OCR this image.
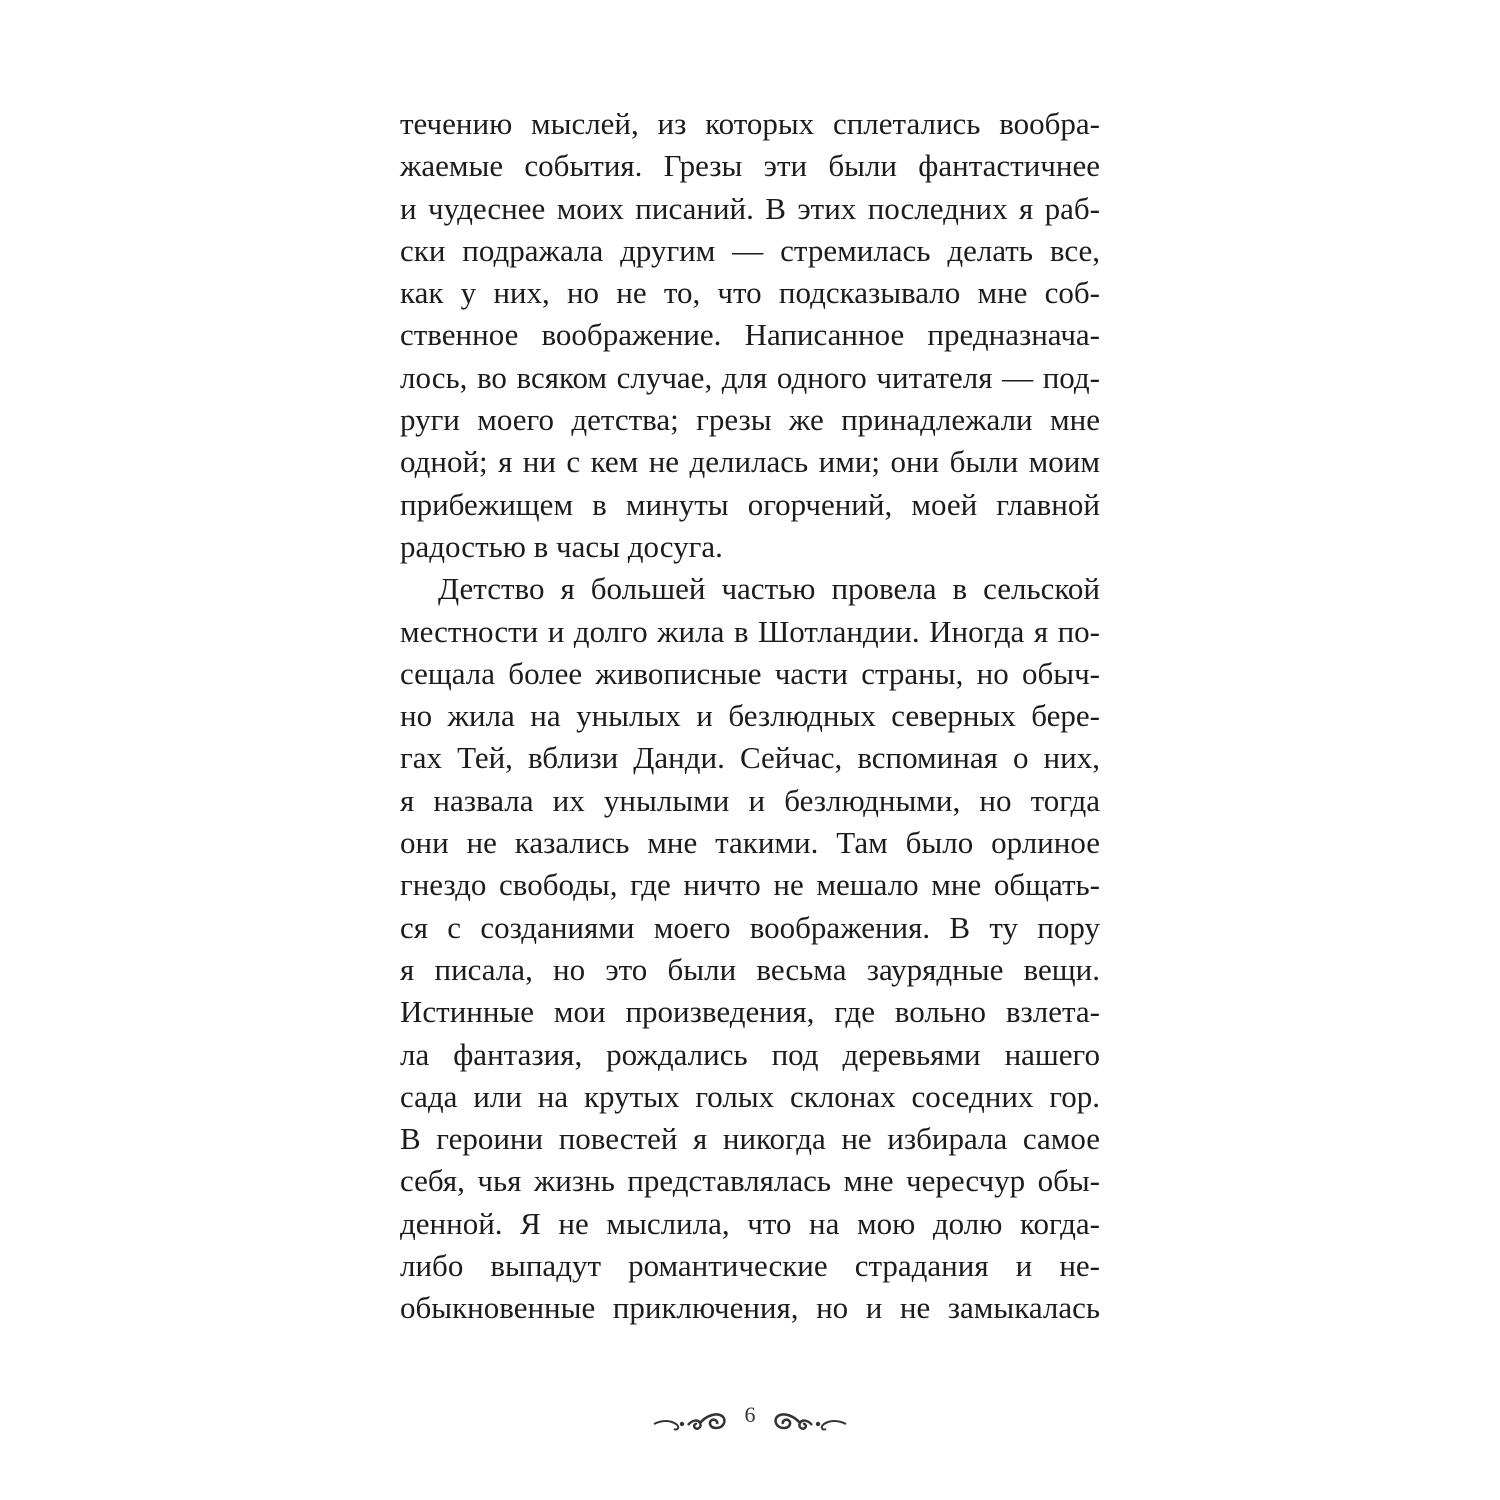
течению мыслей, из которых сплетались вообра-
жаемые события. Грезы эти были фантастичнее
и чудеснее моих писаний. В этих последних я раб-
ски подражала другим — стремилась делать все,
как у них, но не то, что подсказывало мне соб-
ственное воображение. Написанное предназнача-
лось, во всяком случае, для одного читателя — под-
руги моего детства; грезы же принадлежали мне
одной; я ни с кем не делилась ими; они были моим
прибежищем в минуты огорчений, моей главной
радостью в часы досуга.
Детство я большей частью провела в сельской
местности и долго жила в Шотландии. Иногда я по-
сещала более живописные части страны, но обыч-
но жила на унылых и безлюдных северных бере-
гах Тей, вблизи Данди. Сейчас, вспоминая о них,
я назвала их унылыми и безлюдными, но тогда
они не казались мне такими. Там было орлиное
гнездо свободы, где ничто не мешало мне общать-
ся с созданиями моего воображения. В ту пору
я писала, но это были весьма заурядные вещи.
Истинные мои произведения, где вольно взлета-
ла фантазия, рождались под деревьями нашего
сада или на крутых голых склонах соседних гор.
В героини повестей я никогда не избирала самое
себя, чья жизнь представлялась мне чересчур обы-
денной. Я не мыслила, что на мою долю когда-
либо выпадут романтические страдания и не-
обыкновенные приключения, но и не замыкалась
6
